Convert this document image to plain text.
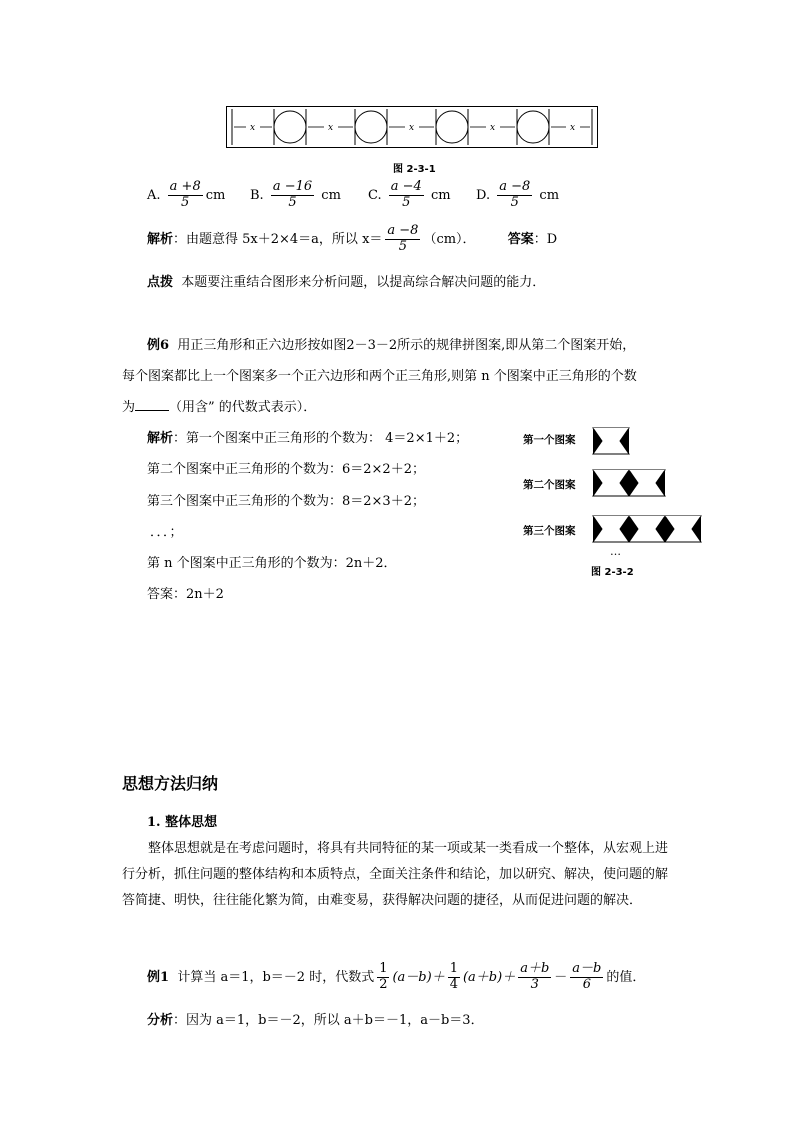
x	x	x	x	x
图 2-3-1
A. $\frac{a +8}{5}$ cm B. $\frac{a -16}{5}$ cm C. $\frac{a -4}{5}$ cm D. $\frac{a -8}{5}$ cm
解析：由题意得 5x＋2×4＝a，所以 $x= \frac{a -8}{5} (cm)$． 答案：D
点拨 本题要注重结合图形来分析问题，以提高综合解决问题的能力．
例6 用正三角形和正六边形按如图2－3－2所示的规律拼图案,即从第二个图案开始，
每个图案都比上一个图案多一个正六边形和两个正三角形,则第 n 个图案中正三角形的个数
为	（用含” 的代数式表示）．
解析：第一个图案中正三角形的个数为： 4＝2×1＋2；
第二个图案中正三角形的个数为：6＝2×2＋2；
第三个图案中正三角形的个数为：8＝2×3＋2；
．．．；
第 n 个图案中正三角形的个数为：2n＋2．
答案：2n＋2
第一个图案
第二个图案
第三个图案
…
图 2-3-2
思想方法归纳
1. 整体思想
整体思想就是在考虑问题时，将具有共同特征的某一项或某一类看成一个整体，从宏观上进行分析，抓住问题的整体结构和本质特点，全面关注条件和结论，加以研究、解决，使问题的解答简捷、明快，往往能化繁为简，由难变易，获得解决问题的捷径，从而促进问题的解决．
例1 计算当 a＝1，b＝－2 时，代数式 $\frac{1}{2} (a-b)+ \frac{1}{4} (a+b)+ \frac{a+b}{3} - \frac{a-b}{6}$ 的值．
分析：因为 a＝1，b＝－2，所以 a＋b＝－1，a－b＝3．
